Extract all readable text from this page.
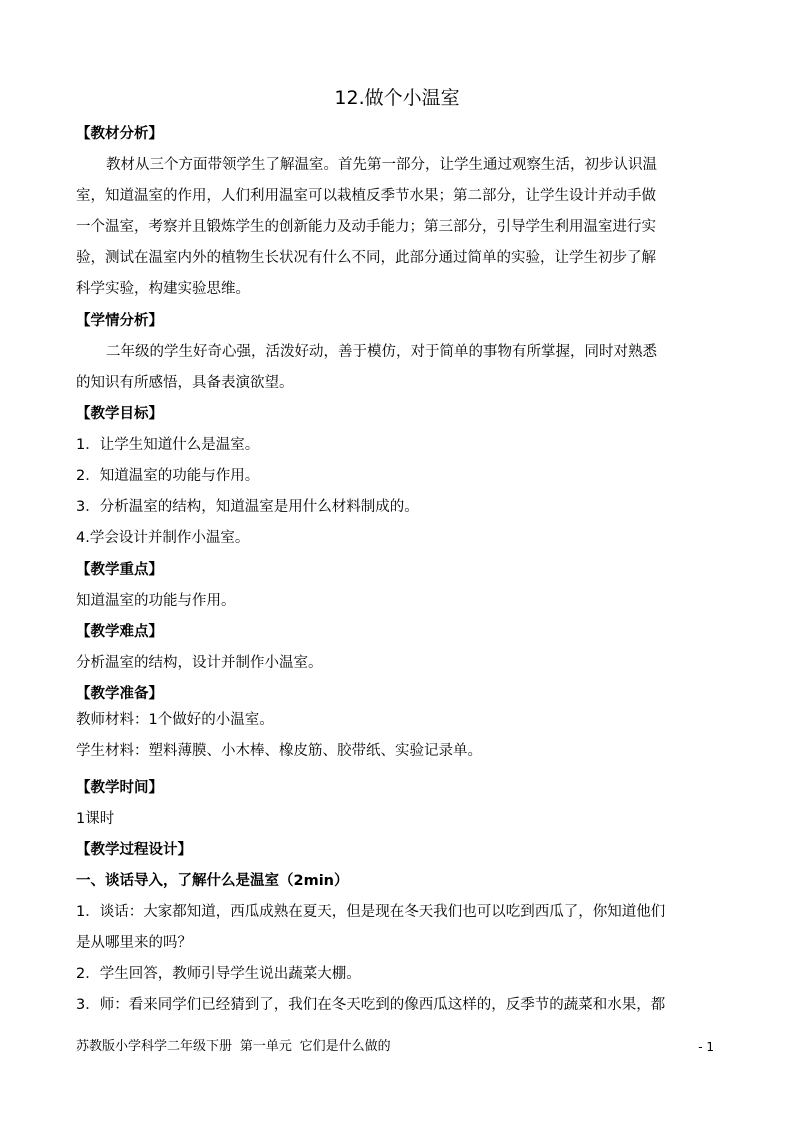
12.做个小温室
【教材分析】
教材从三个方面带领学生了解温室。首先第一部分，让学生通过观察生活，初步认识温
室，知道温室的作用，人们利用温室可以栽植反季节水果；第二部分，让学生设计并动手做
一个温室，考察并且锻炼学生的创新能力及动手能力；第三部分，引导学生利用温室进行实
验，测试在温室内外的植物生长状况有什么不同，此部分通过简单的实验，让学生初步了解
科学实验，构建实验思维。
【学情分析】
二年级的学生好奇心强，活泼好动，善于模仿，对于简单的事物有所掌握，同时对熟悉
的知识有所感悟，具备表演欲望。
【教学目标】
1．让学生知道什么是温室。
2．知道温室的功能与作用。
3．分析温室的结构，知道温室是用什么材料制成的。
4.学会设计并制作小温室。
【教学重点】
知道温室的功能与作用。
【教学难点】
分析温室的结构，设计并制作小温室。
【教学准备】
教师材料：1个做好的小温室。
学生材料：塑料薄膜、小木棒、橡皮筋、胶带纸、实验记录单。
【教学时间】
1课时
【教学过程设计】
一、谈话导入，了解什么是温室（2min）
1．谈话：大家都知道，西瓜成熟在夏天，但是现在冬天我们也可以吃到西瓜了，你知道他们
是从哪里来的吗？
2．学生回答，教师引导学生说出蔬菜大棚。
3．师：看来同学们已经猜到了，我们在冬天吃到的像西瓜这样的，反季节的蔬菜和水果，都
苏教版小学科学二年级下册 第一单元 它们是什么做的	- 1
